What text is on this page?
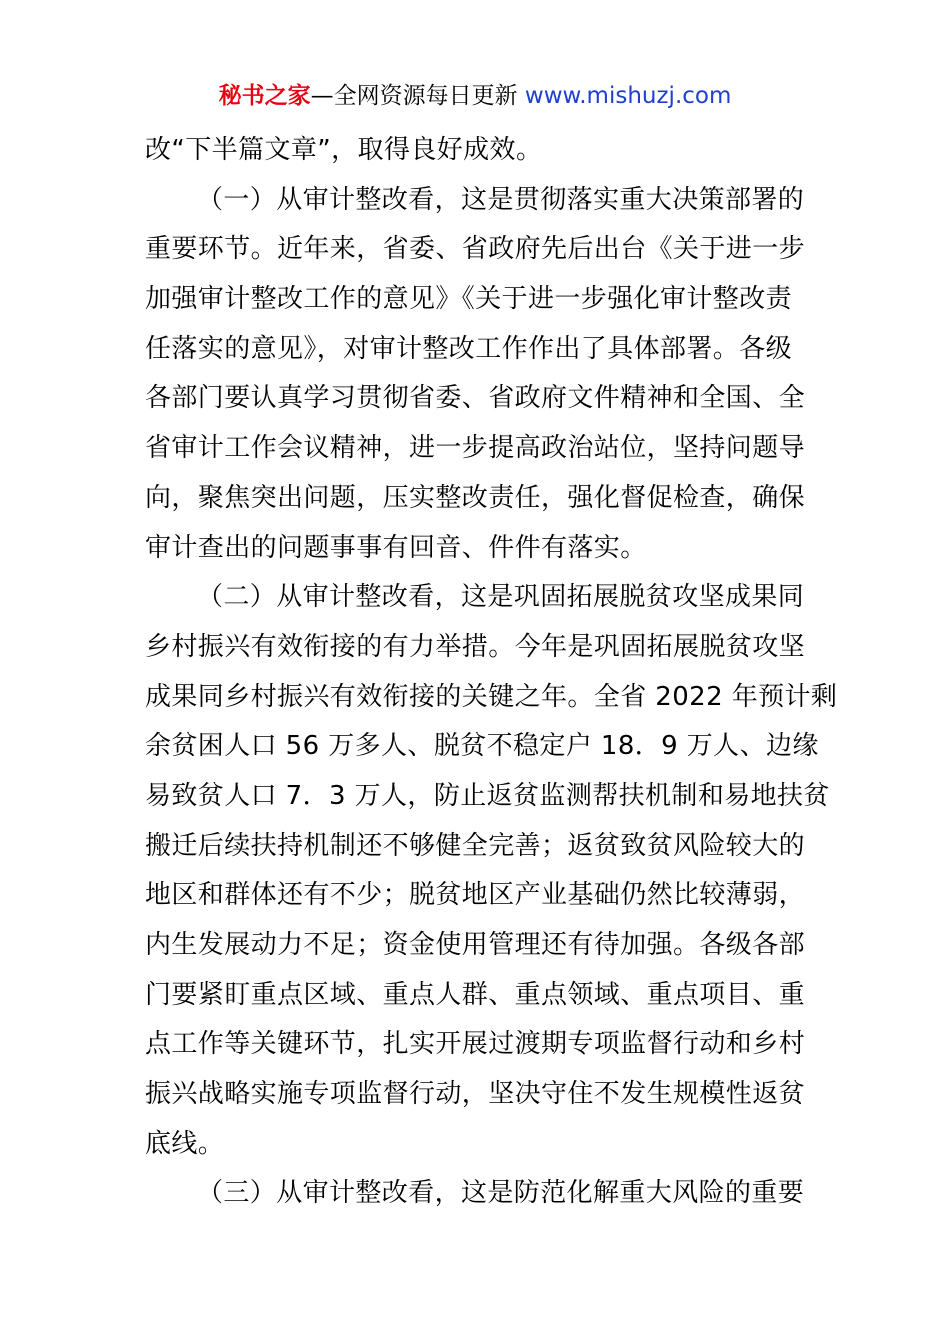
秘书之家—全网资源每日更新 www.mishuzj.com
改“下半篇文章”，取得良好成效。
（一）从审计整改看，这是贯彻落实重大决策部署的
重要环节。近年来，省委、省政府先后出台《关于进一步
加强审计整改工作的意见》《关于进一步强化审计整改责
任落实的意见》，对审计整改工作作出了具体部署。各级
各部门要认真学习贯彻省委、省政府文件精神和全国、全
省审计工作会议精神，进一步提高政治站位，坚持问题导
向，聚焦突出问题，压实整改责任，强化督促检查，确保
审计查出的问题事事有回音、件件有落实。
（二）从审计整改看，这是巩固拓展脱贫攻坚成果同
乡村振兴有效衔接的有力举措。今年是巩固拓展脱贫攻坚
成果同乡村振兴有效衔接的关键之年。全省 2022 年预计剩
余贫困人口 56 万多人、脱贫不稳定户 18．9 万人、边缘
易致贫人口 7．3 万人，防止返贫监测帮扶机制和易地扶贫
搬迁后续扶持机制还不够健全完善；返贫致贫风险较大的
地区和群体还有不少；脱贫地区产业基础仍然比较薄弱，
内生发展动力不足；资金使用管理还有待加强。各级各部
门要紧盯重点区域、重点人群、重点领域、重点项目、重
点工作等关键环节，扎实开展过渡期专项监督行动和乡村
振兴战略实施专项监督行动，坚决守住不发生规模性返贫
底线。
（三）从审计整改看，这是防范化解重大风险的重要
